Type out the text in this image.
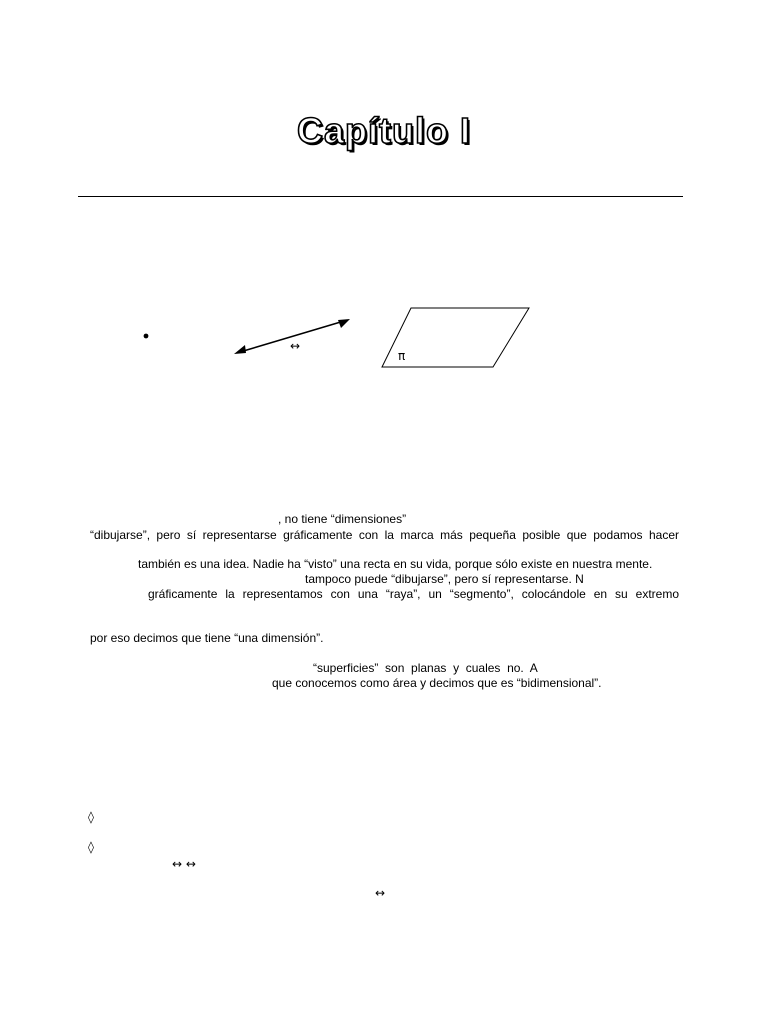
Capítulo I
↔
π
, no tiene “dimensiones”
“dibujarse”, pero sí representarse gráficamente con la marca más pequeña posible que podamos hacer
también es una idea. Nadie ha “visto” una recta en su vida, porque sólo existe en nuestra mente.
tampoco puede “dibujarse”, pero sí representarse. N
gráficamente la representamos con una “raya”, un “segmento”, colocándole en su extremo
por eso decimos que tiene “una dimensión”.
“superficies”  son  planas  y  cuales  no.  A
que conocemos como área y decimos que es “bidimensional”.
◊
◊
↔ ↔
↔
